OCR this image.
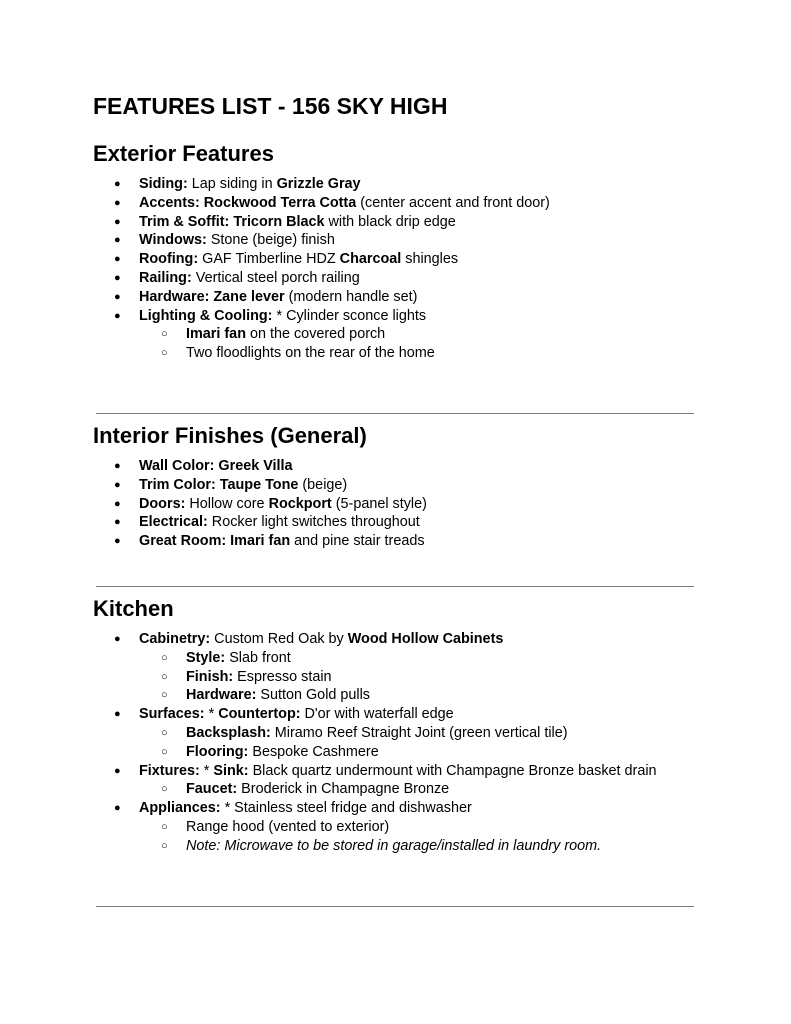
FEATURES LIST - 156 SKY HIGH
Exterior Features
● Siding: Lap siding in Grizzle Gray
● Accents: Rockwood Terra Cotta (center accent and front door)
● Trim & Soffit: Tricorn Black with black drip edge
● Windows: Stone (beige) finish
● Roofing: GAF Timberline HDZ Charcoal shingles
● Railing: Vertical steel porch railing
● Hardware: Zane lever (modern handle set)
● Lighting & Cooling: * Cylinder sconce lights
○ Imari fan on the covered porch
○ Two floodlights on the rear of the home
Interior Finishes (General)
● Wall Color: Greek Villa
● Trim Color: Taupe Tone (beige)
● Doors: Hollow core Rockport (5-panel style)
● Electrical: Rocker light switches throughout
● Great Room: Imari fan and pine stair treads
Kitchen
● Cabinetry: Custom Red Oak by Wood Hollow Cabinets
○ Style: Slab front
○ Finish: Espresso stain
○ Hardware: Sutton Gold pulls
● Surfaces: * Countertop: D'or with waterfall edge
○ Backsplash: Miramo Reef Straight Joint (green vertical tile)
○ Flooring: Bespoke Cashmere
● Fixtures: * Sink: Black quartz undermount with Champagne Bronze basket drain
○ Faucet: Broderick in Champagne Bronze
● Appliances: * Stainless steel fridge and dishwasher
○ Range hood (vented to exterior)
○ Note: Microwave to be stored in garage/installed in laundry room.
